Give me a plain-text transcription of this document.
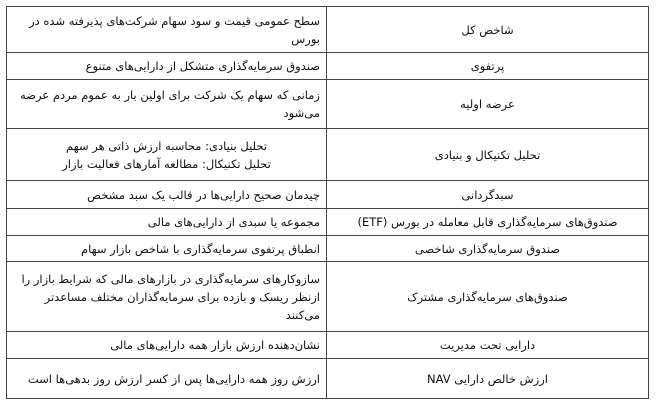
شاخص کل	سطح عمومی قیمت و سود سهام شرکت‌های پذیرفته شده در بورس
پرتفوی	صندوق سرمایه‌گذاری متشکل از دارایی‌های متنوع
عرضه اولیه	زمانی که سهام یک شرکت برای اولین بار به عموم مردم عرضه می‌شود
تحلیل تکنیکال و بنیادی	تحلیل بنیادی: محاسبه ارزش ذاتی هر سهم
تحلیل تکنیکال: مطالعه آمارهای فعالیت بازار

سبدگردانی	چیدمان صحیح دارایی‌ها در قالب یک سبد مشخص
صندوق‌های سرمایه‌گذاری قابل معامله در بورس (ETF)	مجموعه یا سبدی از دارایی‌های مالی
صندوق سرمایه‌گذاری شاخصی	انطباق پرتفوی سرمایه‌گذاری با شاخص بازار سهام
صندوق‌های سرمایه‌گذاری مشترک	سازوکارهای سرمایه‌گذاری در بازارهای مالی که شرایط بازار را ازنظر ریسک و بازده برای سرمایه‌گذاران مختلف مساعدتر می‌کنند
دارایی تحت مدیریت	نشان‌دهنده ارزش بازار همه دارایی‌های مالی
ارزش خالص دارایی NAV	ارزش روز همه دارایی‌ها پس از کسر ارزش روز بدهی‌ها است
